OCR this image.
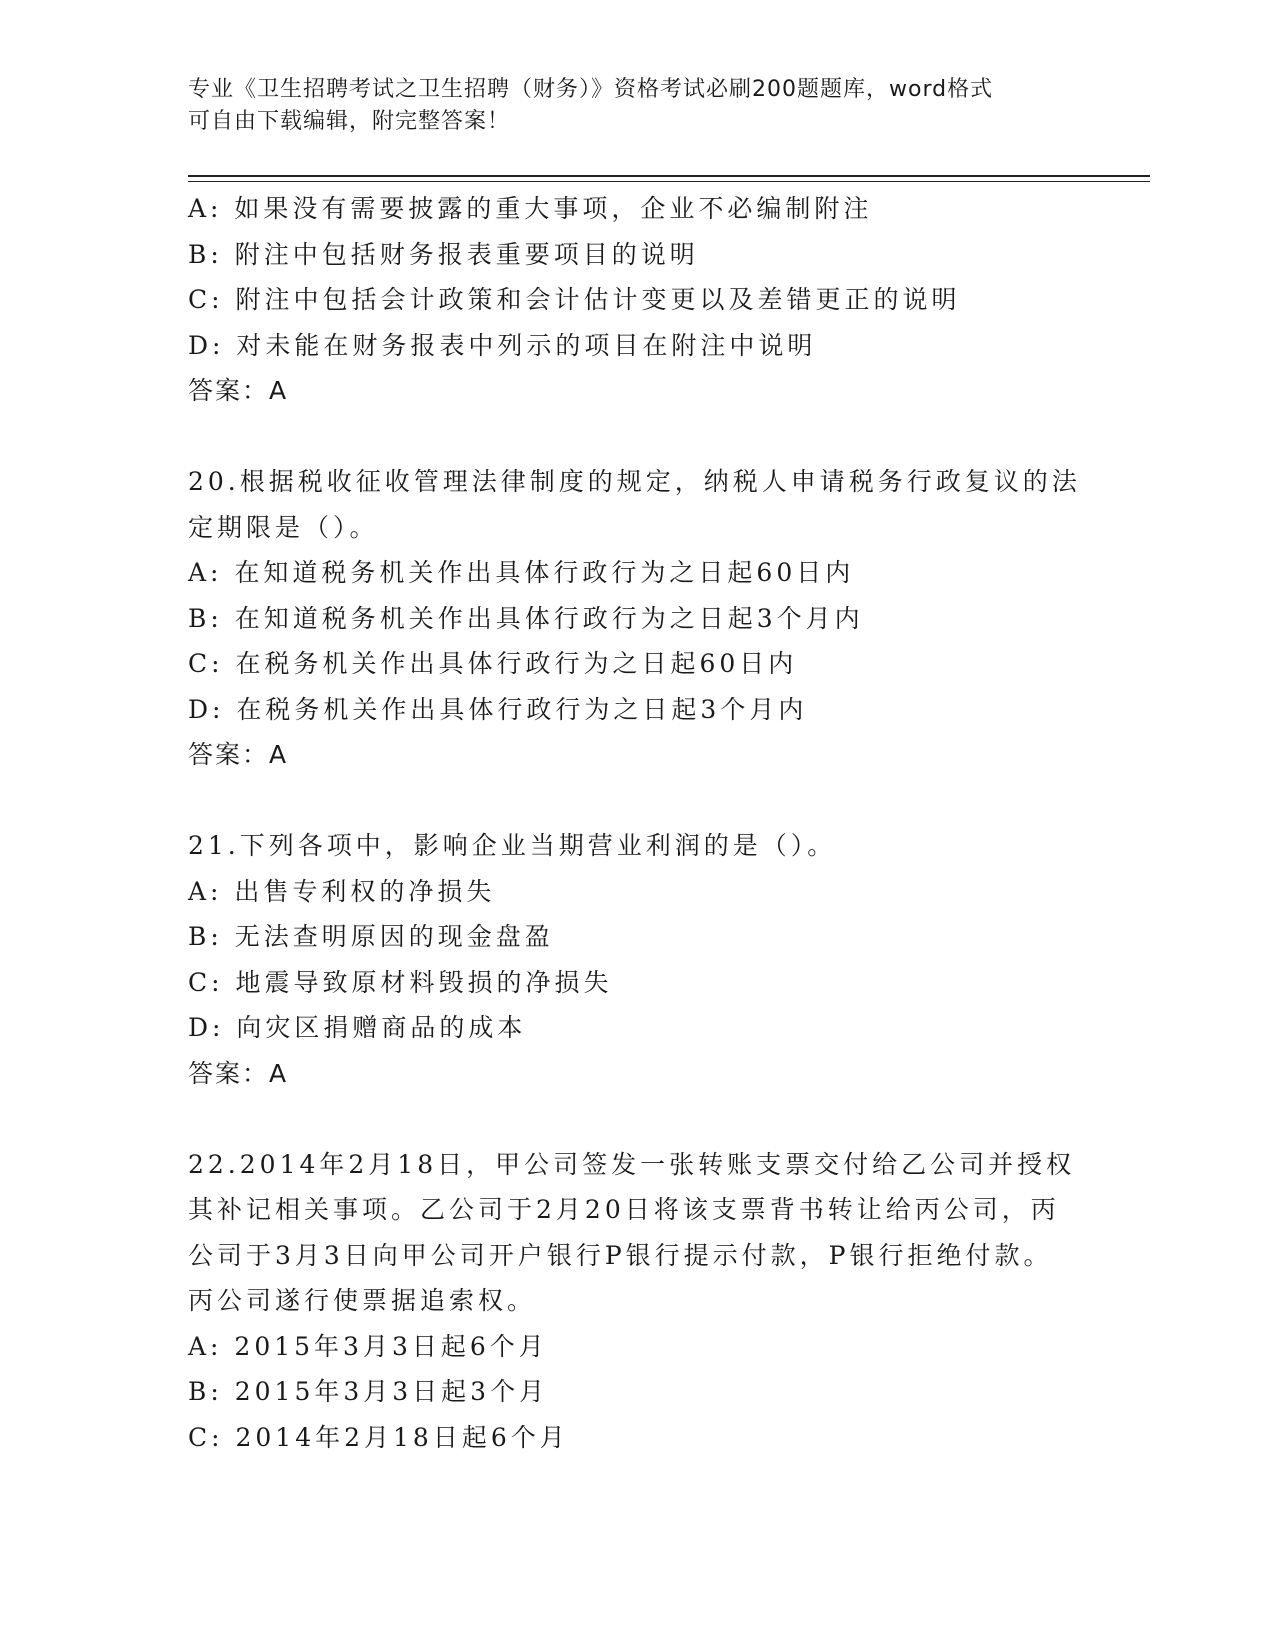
专业《卫生招聘考试之卫生招聘（财务）》资格考试必刷200题题库，word格式
可自由下载编辑，附完整答案！
A: 如果没有需要披露的重大事项，企业不必编制附注
B: 附注中包括财务报表重要项目的说明
C: 附注中包括会计政策和会计估计变更以及差错更正的说明
D: 对未能在财务报表中列示的项目在附注中说明
答案：A
20.根据税收征收管理法律制度的规定，纳税人申请税务行政复议的法
定期限是（）。
A: 在知道税务机关作出具体行政行为之日起60日内
B: 在知道税务机关作出具体行政行为之日起3个月内
C: 在税务机关作出具体行政行为之日起60日内
D: 在税务机关作出具体行政行为之日起3个月内
答案：A
21.下列各项中，影响企业当期营业利润的是（）。
A: 出售专利权的净损失
B: 无法查明原因的现金盘盈
C: 地震导致原材料毁损的净损失
D: 向灾区捐赠商品的成本
答案：A
22.2014年2月18日，甲公司签发一张转账支票交付给乙公司并授权
其补记相关事项。乙公司于2月20日将该支票背书转让给丙公司，丙
公司于3月3日向甲公司开户银行P银行提示付款，P银行拒绝付款。
丙公司遂行使票据追索权。
A: 2015年3月3日起6个月
B: 2015年3月3日起3个月
C: 2014年2月18日起6个月
